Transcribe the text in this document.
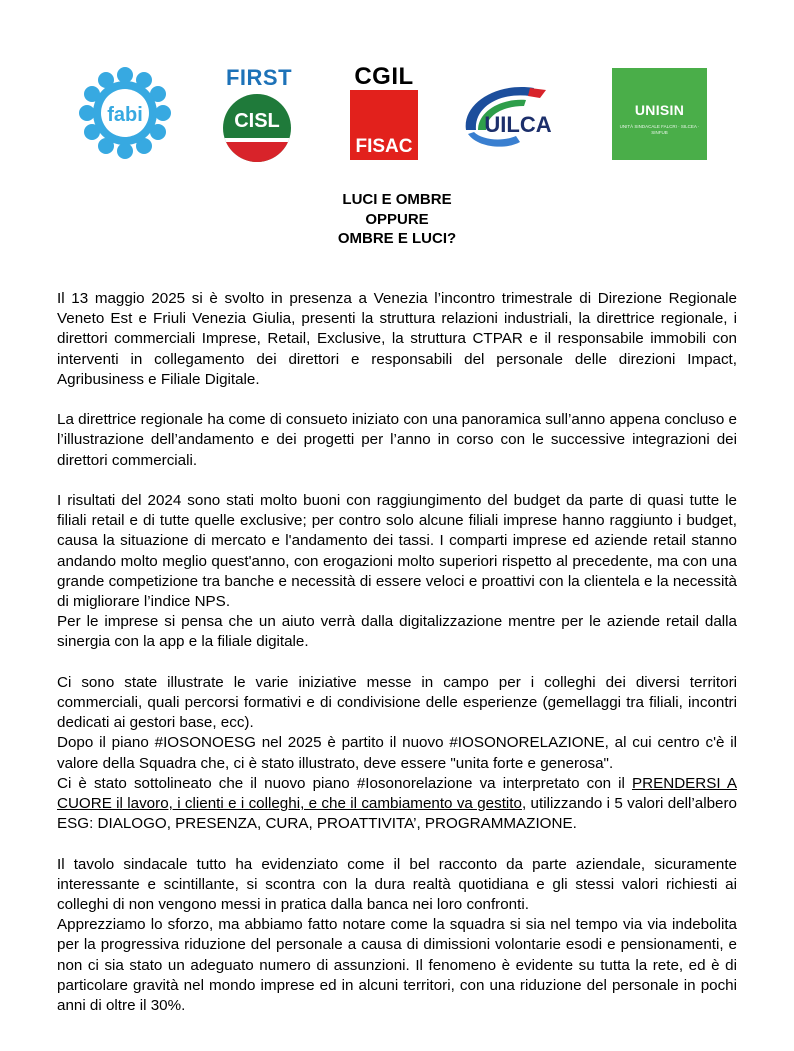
fabi
FIRST
CISL
CGIL
FISAC
UILCA
UNISIN
UNITÀ SINDACALE FALCRI · SILCEA · SINFUB
LUCI E OMBRE
OPPURE
OMBRE E LUCI?

Il 13 maggio 2025 si è svolto in presenza a Venezia l’incontro trimestrale di Direzione Regionale Veneto Est e Friuli Venezia Giulia, presenti la struttura relazioni industriali, la direttrice regionale, i direttori commerciali Imprese, Retail, Exclusive, la struttura CTPAR e il responsabile immobili con interventi in collegamento dei direttori e responsabili del personale delle direzioni Impact, Agribusiness e Filiale Digitale.

La direttrice regionale ha come di consueto iniziato con una panoramica sull’anno appena concluso e l’illustrazione dell’andamento e dei progetti per l’anno in corso con le successive integrazioni dei direttori commerciali.

I risultati del 2024 sono stati molto buoni con raggiungimento del budget da parte di quasi tutte le filiali retail e di tutte quelle exclusive; per contro solo alcune filiali imprese hanno raggiunto i budget, causa la situazione di mercato e l'andamento dei tassi. I comparti imprese ed aziende retail stanno andando molto meglio quest'anno, con erogazioni molto superiori rispetto al precedente, ma con una grande competizione tra banche e necessità di essere veloci e proattivi con la clientela e la necessità di migliorare l’indice NPS.

Per le imprese si pensa che un aiuto verrà dalla digitalizzazione mentre per le aziende retail dalla sinergia con la app e la filiale digitale.

Ci sono state illustrate le varie iniziative messe in campo per i colleghi dei diversi territori commerciali, quali percorsi formativi e di condivisione delle esperienze (gemellaggi tra filiali, incontri dedicati ai gestori base, ecc).

Dopo il piano #IOSONOESG nel 2025 è partito il nuovo #IOSONORELAZIONE, al cui centro c'è il valore della Squadra che, ci è stato illustrato, deve essere "unita forte e generosa".

Ci è stato sottolineato che il nuovo piano #Iosonorelazione va interpretato con il PRENDERSI A CUORE il lavoro, i clienti e i colleghi, e che il cambiamento va gestito, utilizzando i 5 valori dell’albero ESG: DIALOGO, PRESENZA, CURA, PROATTIVITA’, PROGRAMMAZIONE.

Il tavolo sindacale tutto ha evidenziato come il bel racconto da parte aziendale, sicuramente interessante e scintillante, si scontra con la dura realtà quotidiana e gli stessi valori richiesti ai colleghi di non vengono messi in pratica dalla banca nei loro confronti.

Apprezziamo lo sforzo, ma abbiamo fatto notare come la squadra si sia nel tempo via via indebolita per la progressiva riduzione del personale a causa di dimissioni volontarie esodi e pensionamenti, e non ci sia stato un adeguato numero di assunzioni. Il fenomeno è evidente su tutta la rete, ed è di particolare gravità nel mondo imprese ed in alcuni territori, con una riduzione del personale in pochi anni di oltre il 30%.
